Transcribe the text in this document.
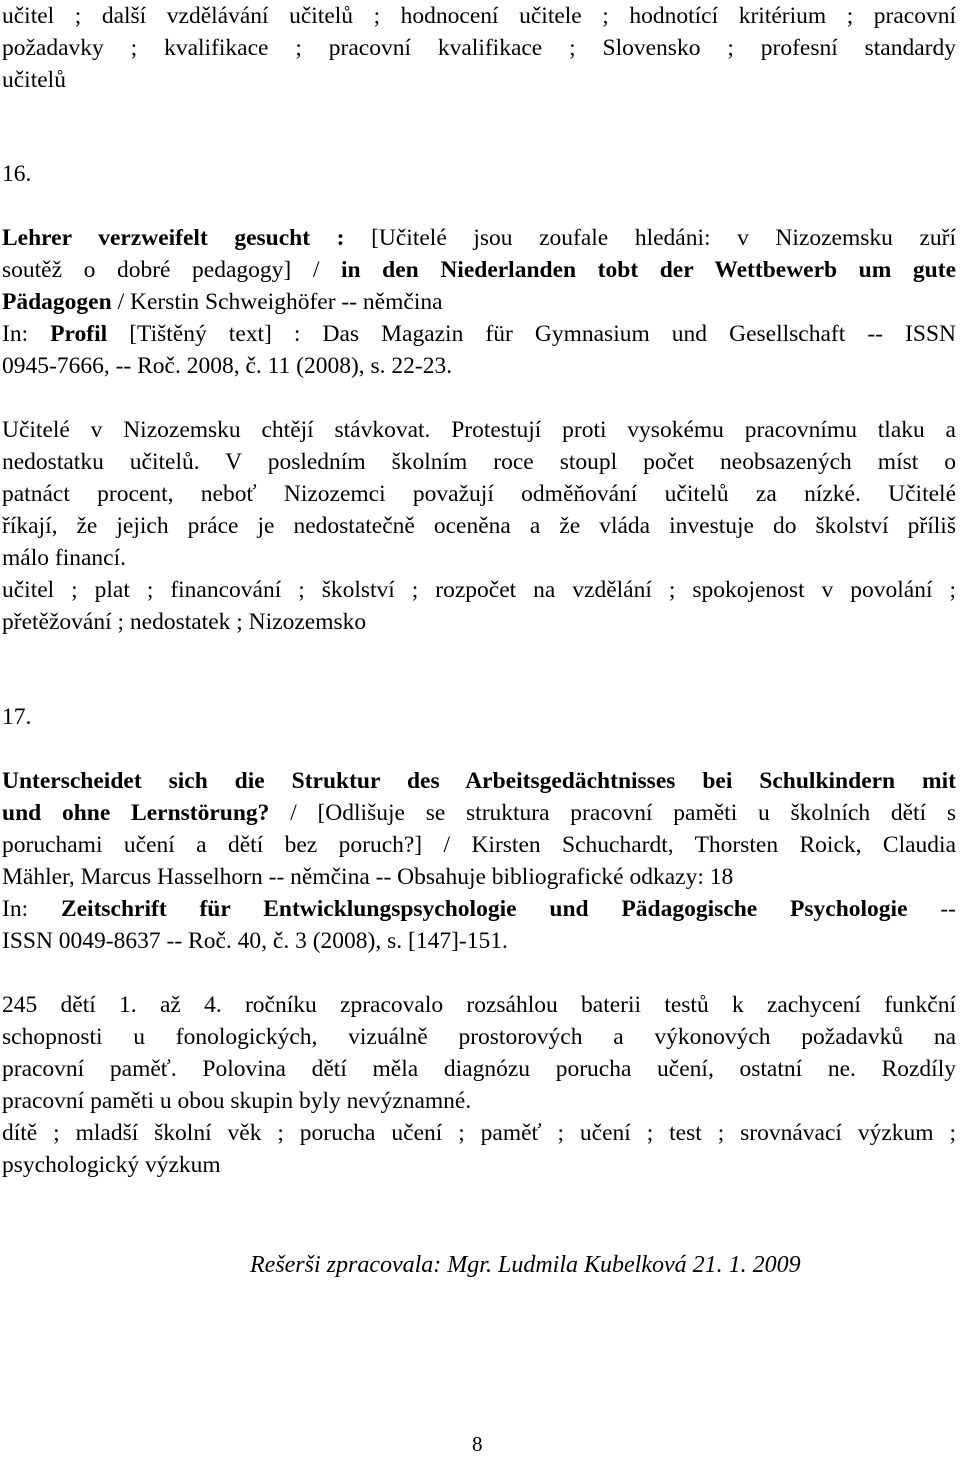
učitel ; další vzdělávání učitelů ; hodnocení učitele ; hodnotící kritérium ; pracovní
požadavky ; kvalifikace ; pracovní kvalifikace ; Slovensko ; profesní standardy
učitelů
16.
Lehrer verzweifelt gesucht : [Učitelé jsou zoufale hledáni: v Nizozemsku zuří
soutěž o dobré pedagogy] / in den Niederlanden tobt der Wettbewerb um gute
Pädagogen / Kerstin Schweighöfer -- němčina
In: Profil [Tištěný text] : Das Magazin für Gymnasium und Gesellschaft -- ISSN
0945-7666, -- Roč. 2008, č. 11 (2008), s. 22-23.
Učitelé v Nizozemsku chtějí stávkovat. Protestují proti vysokému pracovnímu tlaku a
nedostatku učitelů. V posledním školním roce stoupl počet neobsazených míst o
patnáct procent, neboť Nizozemci považují odměňování učitelů za nízké. Učitelé
říkají, že jejich práce je nedostatečně oceněna a že vláda investuje do školství příliš
málo financí.
učitel ; plat ; financování ; školství ; rozpočet na vzdělání ; spokojenost v povolání ;
přetěžování ; nedostatek ; Nizozemsko
17.
Unterscheidet sich die Struktur des Arbeitsgedächtnisses bei Schulkindern mit
und ohne Lernstörung? / [Odlišuje se struktura pracovní paměti u školních dětí s
poruchami učení a dětí bez poruch?] / Kirsten Schuchardt, Thorsten Roick, Claudia
Mähler, Marcus Hasselhorn -- němčina -- Obsahuje bibliografické odkazy: 18
In: Zeitschrift für Entwicklungspsychologie und Pädagogische Psychologie --
ISSN 0049-8637 -- Roč. 40, č. 3 (2008), s. [147]-151.
245 dětí 1. až 4. ročníku zpracovalo rozsáhlou baterii testů k zachycení funkční
schopnosti u fonologických, vizuálně prostorových a výkonových požadavků na
pracovní paměť. Polovina dětí měla diagnózu porucha učení, ostatní ne. Rozdíly
pracovní paměti u obou skupin byly nevýznamné.
dítě ; mladší školní věk ; porucha učení ; paměť ; učení ; test ; srovnávací výzkum ;
psychologický výzkum
Rešerši zpracovala: Mgr. Ludmila Kubelková 21. 1. 2009
8
